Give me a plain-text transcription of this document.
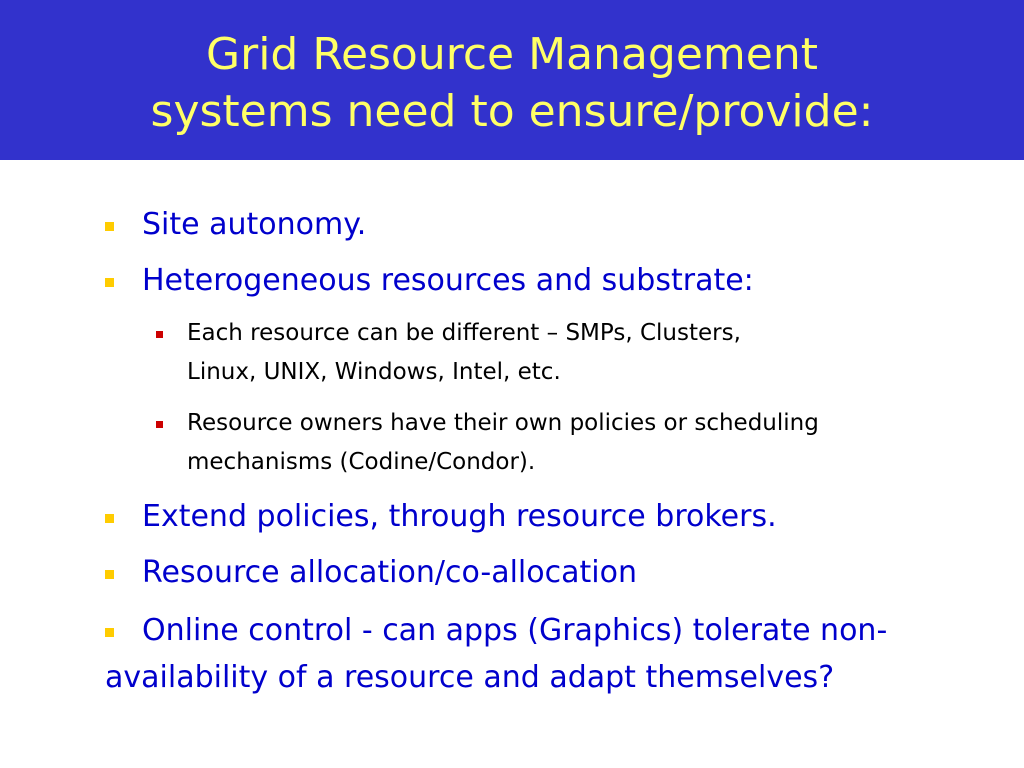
Grid Resource Management
systems need to ensure/provide:
Site autonomy.
Heterogeneous resources and substrate:
Each resource can be different – SMPs, Clusters,
Linux, UNIX, Windows, Intel, etc.
Resource owners have their own policies or scheduling
mechanisms (Codine/Condor).
Extend policies, through resource brokers.
Resource allocation/co-allocation
Online control - can apps (Graphics) tolerate non-
availability of a resource and adapt themselves?
